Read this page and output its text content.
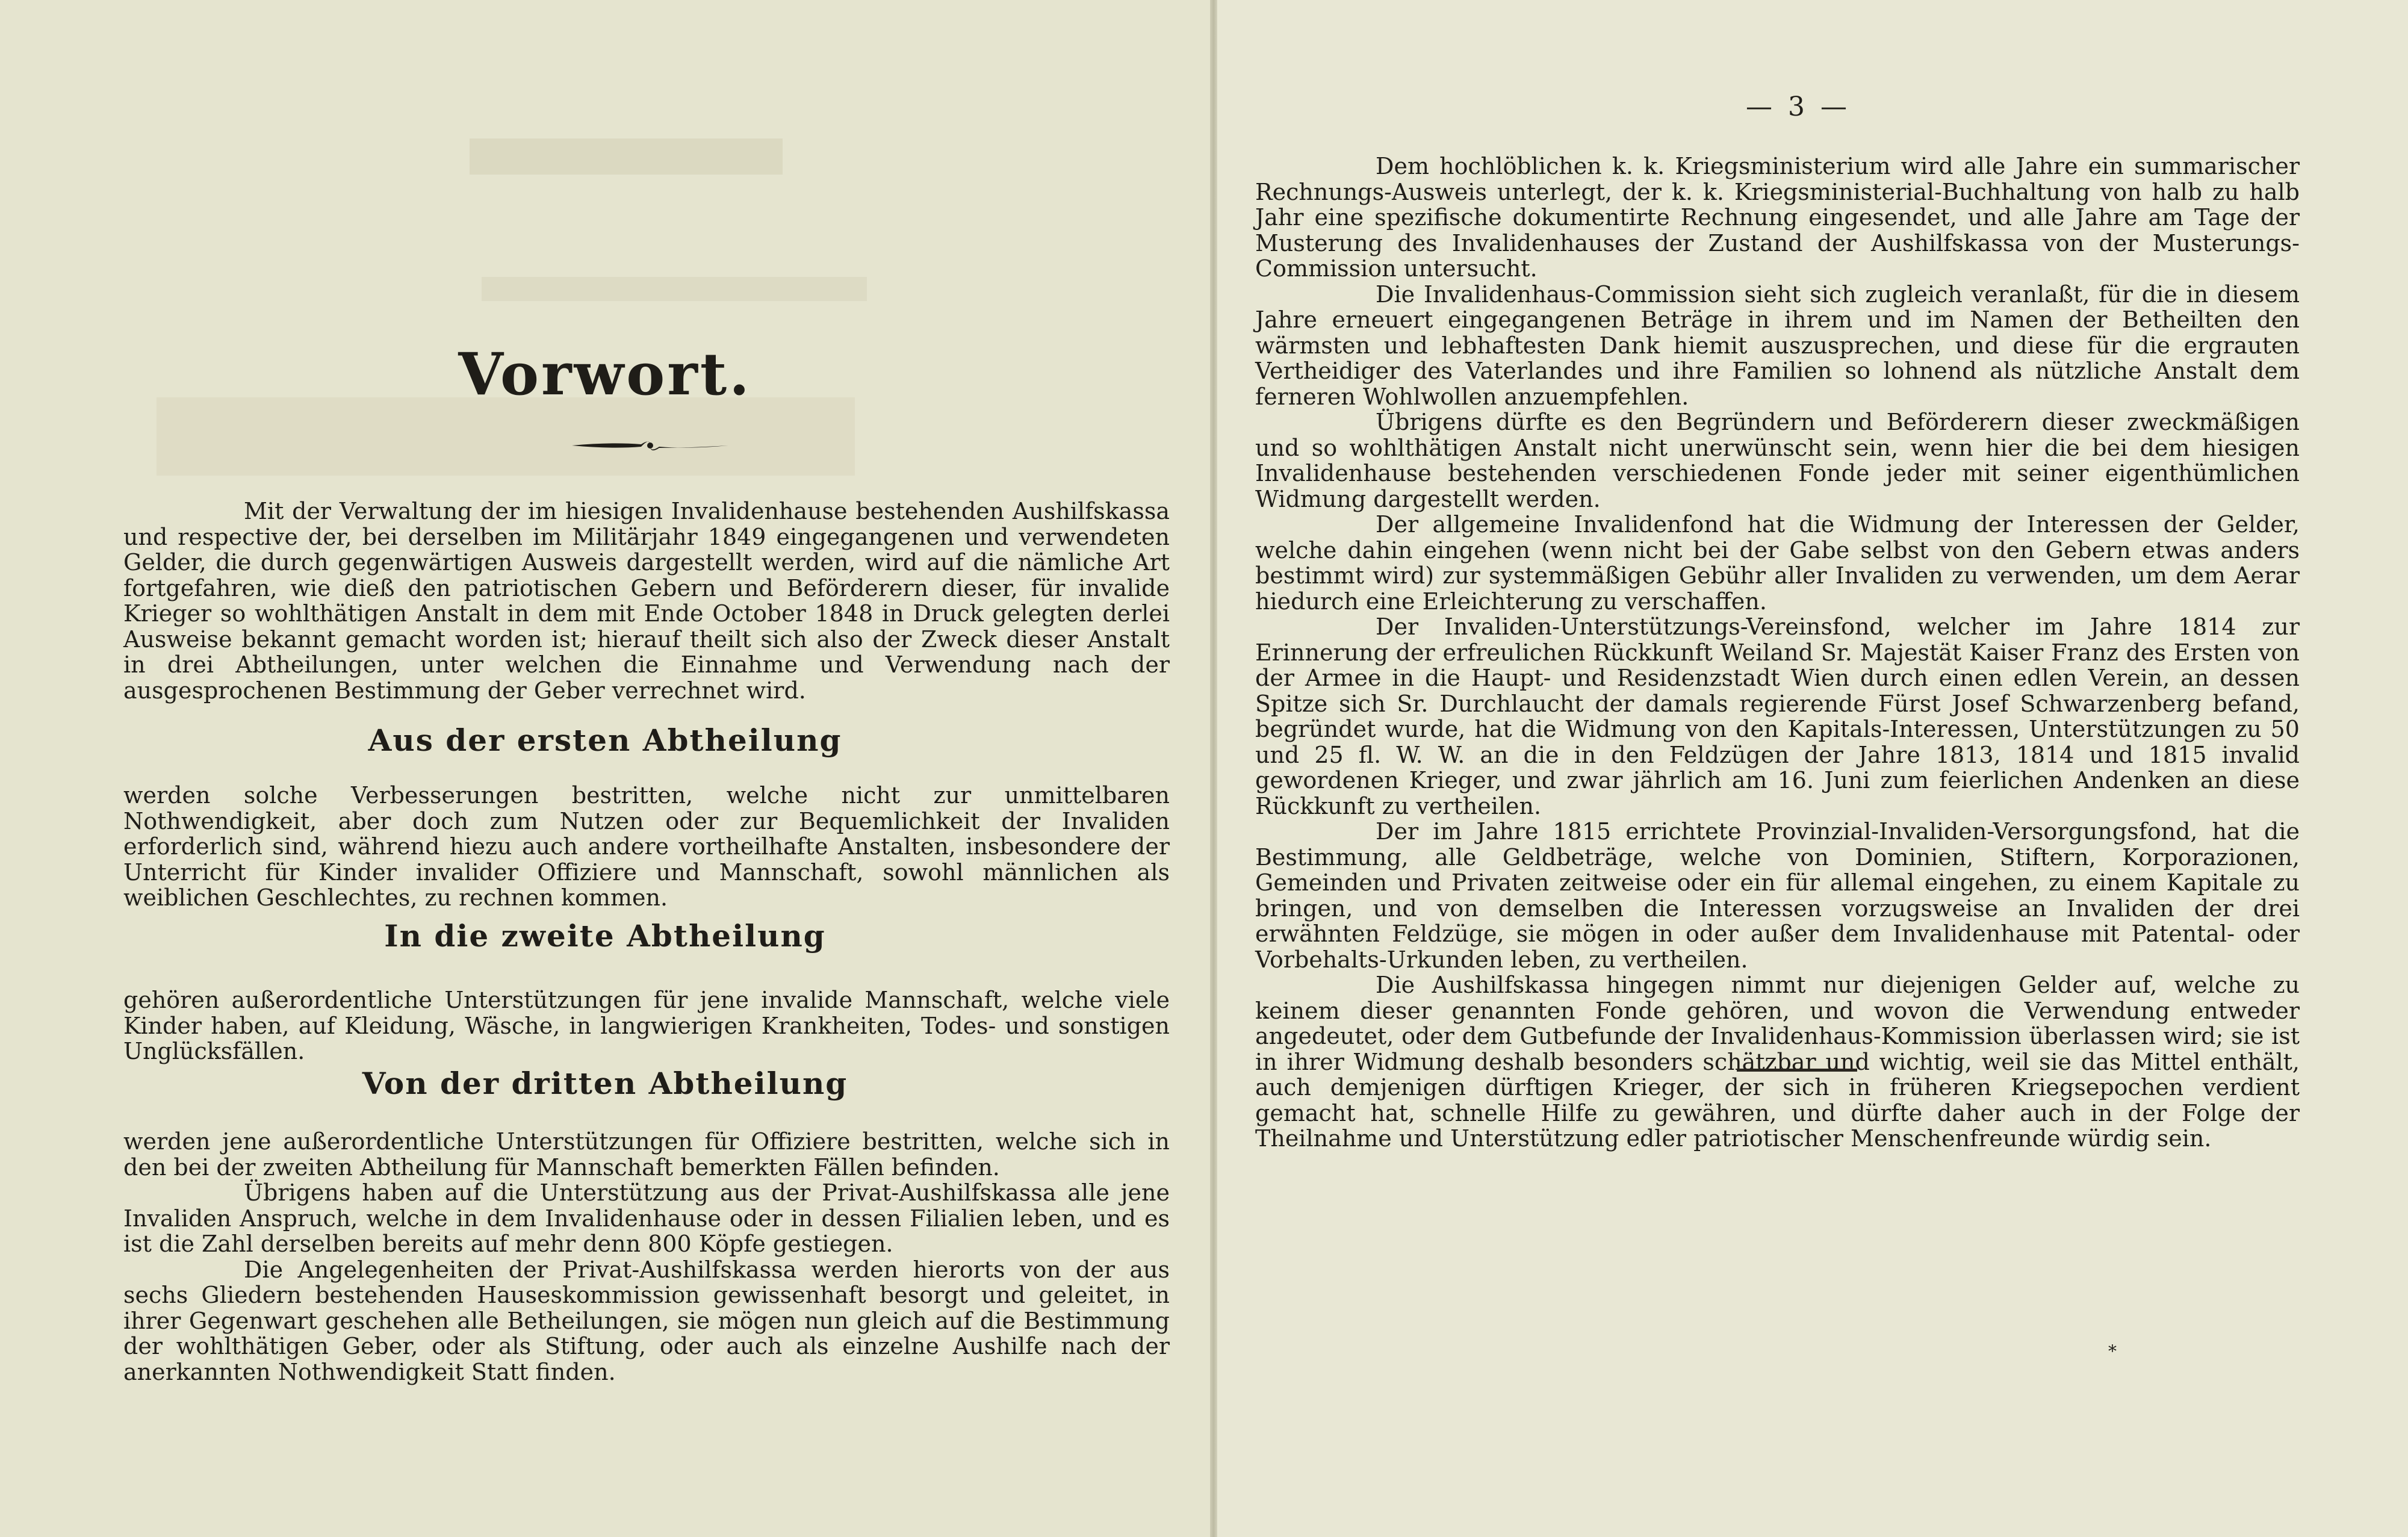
Vorwort.

Mit der Verwaltung der im hiesigen Invalidenhause bestehenden Aushilfskassa und respective der, bei derselben im Militärjahr 1849 eingegangenen und verwendeten Gelder, die durch gegenwärtigen Ausweis dargestellt werden, wird auf die nämliche Art fortgefahren, wie dieß den patriotischen Gebern und Beförderern dieser, für invalide Krieger so wohlthätigen Anstalt in dem mit Ende October 1848 in Druck gelegten derlei Ausweise bekannt gemacht worden ist; hierauf theilt sich also der Zweck dieser Anstalt in drei Abtheilungen, unter welchen die Einnahme und Verwendung nach der ausgesprochenen Bestimmung der Geber verrechnet wird.

Aus der ersten Abtheilung

werden solche Verbesserungen bestritten, welche nicht zur unmittelbaren Nothwendigkeit, aber doch zum Nutzen oder zur Bequemlichkeit der Invaliden erforderlich sind, während hiezu auch andere vortheilhafte Anstalten, insbesondere der Unterricht für Kinder invalider Offiziere und Mannschaft, sowohl männlichen als weiblichen Geschlechtes, zu rechnen kommen.

In die zweite Abtheilung

gehören außerordentliche Unterstützungen für jene invalide Mannschaft, welche viele Kinder haben, auf Kleidung, Wäsche, in langwierigen Krankheiten, Todes- und sonstigen Unglücksfällen.

Von der dritten Abtheilung

werden jene außerordentliche Unterstützungen für Offiziere bestritten, welche sich in den bei der zweiten Abtheilung für Mannschaft bemerkten Fällen befinden.

Übrigens haben auf die Unterstützung aus der Privat-Aushilfskassa alle jene Invaliden Anspruch, welche in dem Invalidenhause oder in dessen Filialien leben, und es ist die Zahl derselben bereits auf mehr denn 800 Köpfe gestiegen.

Die Angelegenheiten der Privat-Aushilfskassa werden hierorts von der aus sechs Gliedern bestehenden Hauseskommission gewissenhaft besorgt und geleitet, in ihrer Gegenwart geschehen alle Betheilungen, sie mögen nun gleich auf die Bestimmung der wohlthätigen Geber, oder als Stiftung, oder auch als einzelne Aushilfe nach der anerkannten Nothwendigkeit Statt finden.

— 3 —

Dem hochlöblichen k. k. Kriegsministerium wird alle Jahre ein summarischer Rechnungs-Ausweis unterlegt, der k. k. Kriegsministerial-Buchhaltung von halb zu halb Jahr eine spezifische dokumentirte Rechnung eingesendet, und alle Jahre am Tage der Musterung des Invalidenhauses der Zustand der Aushilfskassa von der Musterungs-Commission untersucht.

Die Invalidenhaus-Commission sieht sich zugleich veranlaßt, für die in diesem Jahre erneuert eingegangenen Beträge in ihrem und im Namen der Betheilten den wärmsten und lebhaftesten Dank hiemit auszusprechen, und diese für die ergrauten Vertheidiger des Vaterlandes und ihre Familien so lohnend als nützliche Anstalt dem ferneren Wohlwollen anzuempfehlen.

Übrigens dürfte es den Begründern und Beförderern dieser zweckmäßigen und so wohlthätigen Anstalt nicht unerwünscht sein, wenn hier die bei dem hiesigen Invalidenhause bestehenden verschiedenen Fonde jeder mit seiner eigenthümlichen Widmung dargestellt werden.

Der allgemeine Invalidenfond hat die Widmung der Interessen der Gelder, welche dahin eingehen (wenn nicht bei der Gabe selbst von den Gebern etwas anders bestimmt wird) zur systemmäßigen Gebühr aller Invaliden zu verwenden, um dem Aerar hiedurch eine Erleichterung zu verschaffen.

Der Invaliden-Unterstützungs-Vereinsfond, welcher im Jahre 1814 zur Erinnerung der erfreulichen Rückkunft Weiland Sr. Majestät Kaiser Franz des Ersten von der Armee in die Haupt- und Residenzstadt Wien durch einen edlen Verein, an dessen Spitze sich Sr. Durchlaucht der damals regierende Fürst Josef Schwarzenberg befand, begründet wurde, hat die Widmung von den Kapitals-Interessen, Unterstützungen zu 50 und 25 fl. W. W. an die in den Feldzügen der Jahre 1813, 1814 und 1815 invalid gewordenen Krieger, und zwar jährlich am 16. Juni zum feierlichen Andenken an diese Rückkunft zu vertheilen.

Der im Jahre 1815 errichtete Provinzial-Invaliden-Versorgungsfond, hat die Bestimmung, alle Geldbeträge, welche von Dominien, Stiftern, Korporazionen, Gemeinden und Privaten zeitweise oder ein für allemal eingehen, zu einem Kapitale zu bringen, und von demselben die Interessen vorzugsweise an Invaliden der drei erwähnten Feldzüge, sie mögen in oder außer dem Invalidenhause mit Patental- oder Vorbehalts-Urkunden leben, zu vertheilen.

Die Aushilfskassa hingegen nimmt nur diejenigen Gelder auf, welche zu keinem dieser genannten Fonde gehören, und wovon die Verwendung entweder angedeutet, oder dem Gutbefunde der Invalidenhaus-Kommission überlassen wird; sie ist in ihrer Widmung deshalb besonders schätzbar und wichtig, weil sie das Mittel enthält, auch demjenigen dürftigen Krieger, der sich in früheren Kriegsepochen verdient gemacht hat, schnelle Hilfe zu gewähren, und dürfte daher auch in der Folge der Theilnahme und Unterstützung edler patriotischer Menschenfreunde würdig sein.

*
